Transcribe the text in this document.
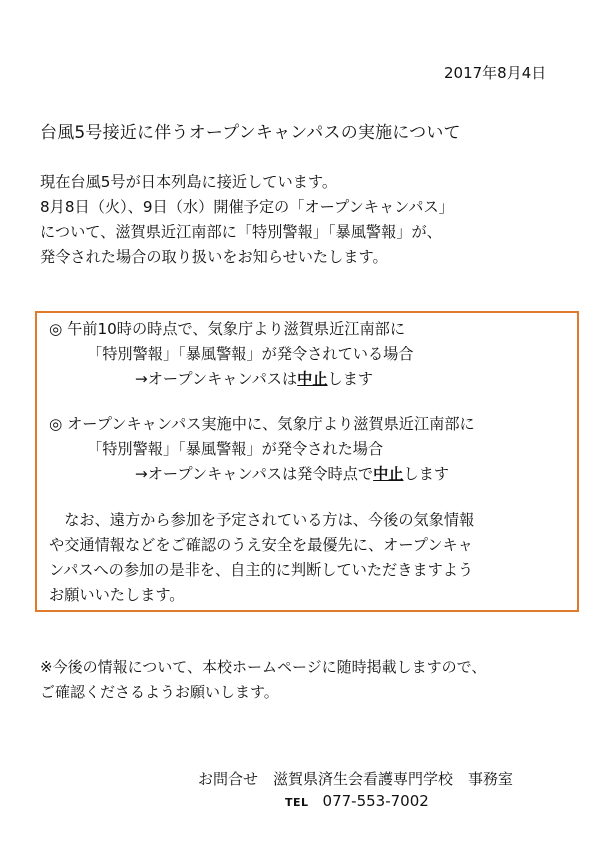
2017年8月4日
台風5号接近に伴うオープンキャンパスの実施について
現在台風5号が日本列島に接近しています。
8月8日（火）、9日（水）開催予定の「オープンキャンパス」
について、滋賀県近江南部に「特別警報」「暴風警報」が、
発令された場合の取り扱いをお知らせいたします。
◎ 午前10時の時点で、気象庁より滋賀県近江南部に
「特別警報」「暴風警報」が発令されている場合
→オープンキャンパスは中止します
◎ オープンキャンパス実施中に、気象庁より滋賀県近江南部に
「特別警報」「暴風警報」が発令された場合
→オープンキャンパスは発令時点で中止します
　なお、遠方から参加を予定されている方は、今後の気象情報
や交通情報などをご確認のうえ安全を最優先に、オープンキャ
ンパスへの参加の是非を、自主的に判断していただきますよう
お願いいたします。
※今後の情報について、本校ホームページに随時掲載しますので、
ご確認くださるようお願いします。
お問合せ　滋賀県済生会看護専門学校　事務室
TEL 077-553-7002
